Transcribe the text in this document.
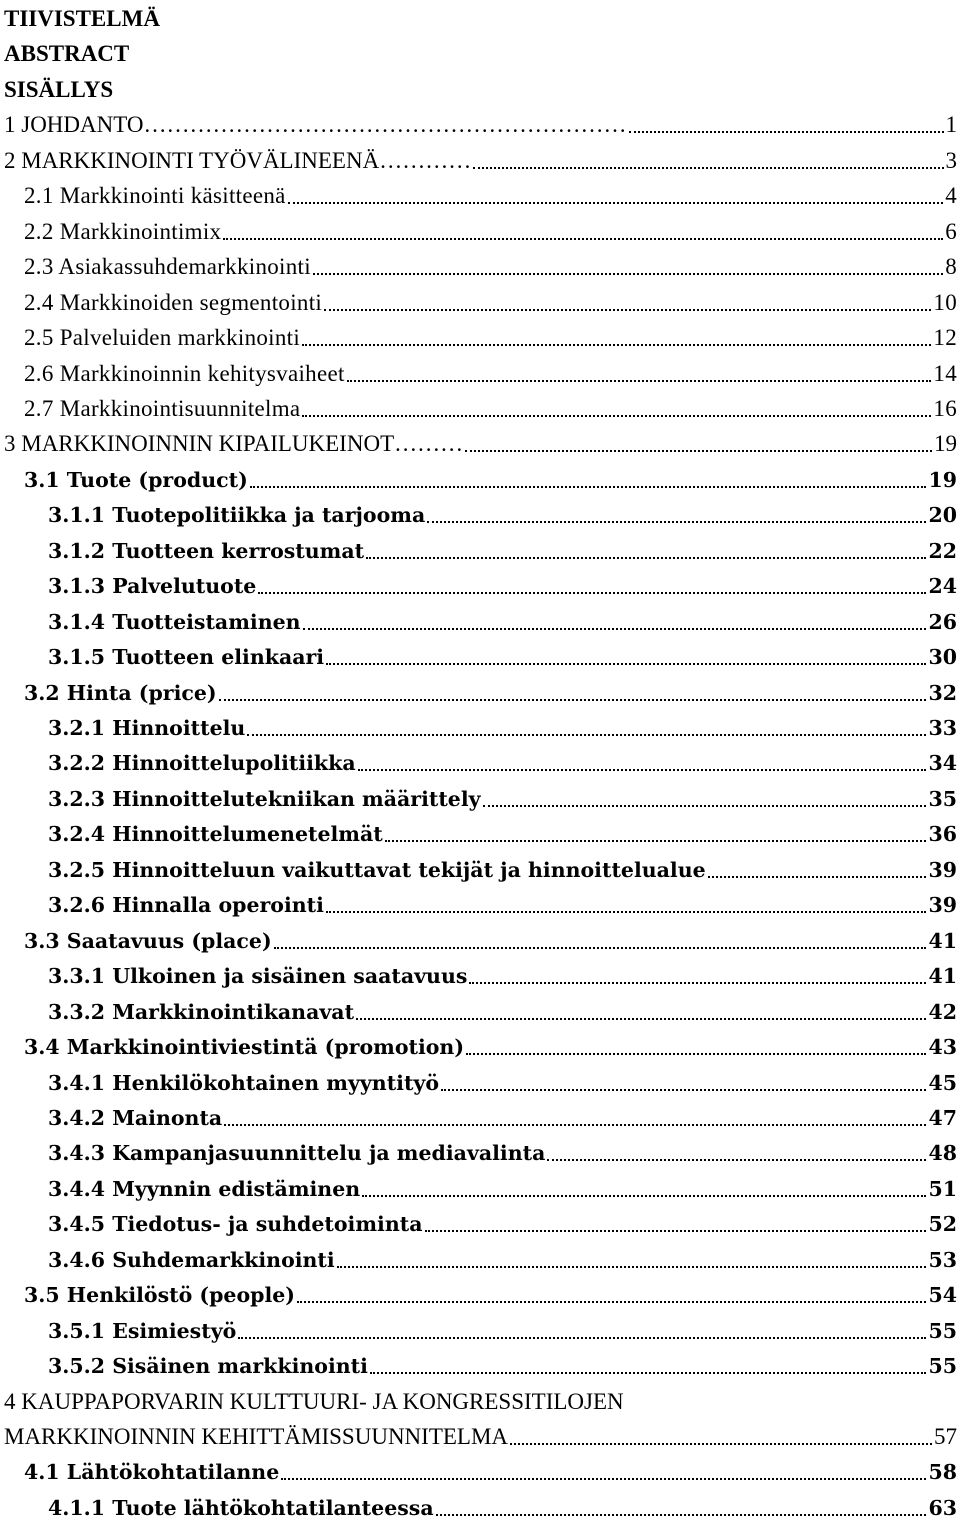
TIIVISTELMÄ
ABSTRACT
SISÄLLYS
1 JOHDANTO………………………………………………………	1
2 MARKKINOINTI TYÖVÄLINEENÄ…………	3
2.1 Markkinointi käsitteenä	4
2.2 Markkinointimix	6
2.3 Asiakassuhdemarkkinointi	8
2.4 Markkinoiden segmentointi	10
2.5 Palveluiden markkinointi	12
2.6 Markkinoinnin kehitysvaiheet	14
2.7 Markkinointisuunnitelma	16
3 MARKKINOINNIN KIPAILUKEINOT………	19
3.1 Tuote (product)	19
3.1.1 Tuotepolitiikka ja tarjooma	20
3.1.2 Tuotteen kerrostumat	22
3.1.3 Palvelutuote	24
3.1.4 Tuotteistaminen	26
3.1.5 Tuotteen elinkaari	30
3.2 Hinta (price)	32
3.2.1 Hinnoittelu	33
3.2.2 Hinnoittelupolitiikka	34
3.2.3 Hinnoittelutekniikan määrittely	35
3.2.4 Hinnoittelumenetelmät	36
3.2.5 Hinnoitteluun vaikuttavat tekijät ja hinnoittelualue	39
3.2.6 Hinnalla operointi	39
3.3 Saatavuus (place)	41
3.3.1 Ulkoinen ja sisäinen saatavuus	41
3.3.2 Markkinointikanavat	42
3.4 Markkinointiviestintä (promotion)	43
3.4.1 Henkilökohtainen myyntityö	45
3.4.2 Mainonta	47
3.4.3 Kampanjasuunnittelu ja mediavalinta	48
3.4.4 Myynnin edistäminen	51
3.4.5 Tiedotus- ja suhdetoiminta	52
3.4.6 Suhdemarkkinointi	53
3.5 Henkilöstö (people)	54
3.5.1 Esimiestyö	55
3.5.2 Sisäinen markkinointi	55
4 KAUPPAPORVARIN KULTTUURI- JA KONGRESSITILOJEN
MARKKINOINNIN KEHITTÄMISSUUNNITELMA	57
4.1 Lähtökohtatilanne	58
4.1.1 Tuote lähtökohtatilanteessa	63
